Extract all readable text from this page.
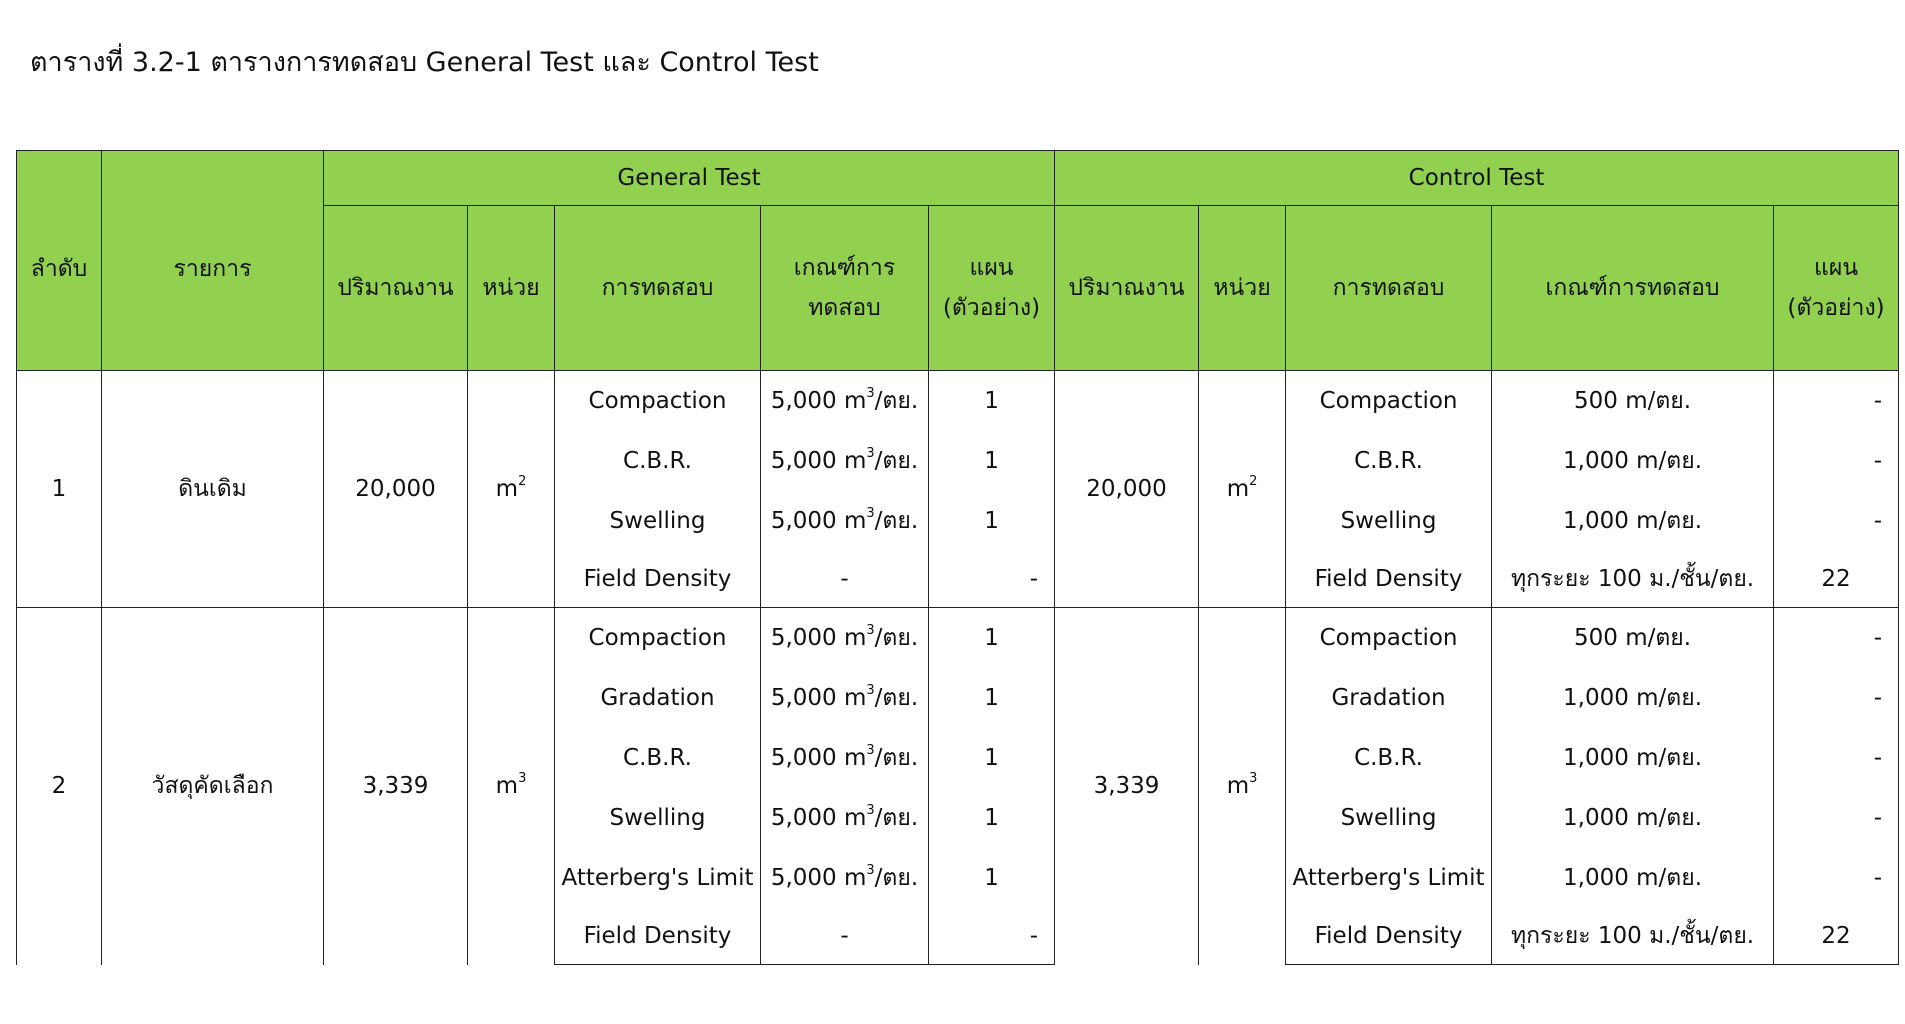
ตารางที่ 3.2-1 ตารางการทดสอบ General Test และ Control Test
ลำดับ	รายการ	General Test					Control Test				
		ปริมาณงาน	หน่วย	การทดสอบ	เกณฑ์การทดสอบ	แผน (ตัวอย่าง)	ปริมาณงาน	หน่วย	การทดสอบ	เกณฑ์การทดสอบ	แผน (ตัวอย่าง)
1	ดินเดิม	20,000	$m^2$	Compaction	5,000 $m^3/$ตย.	1	20,000	$m^2$	Compaction	500 m/ตย.	-
				C.B.R.	5,000 $m^3/$ตย.	1			C.B.R.	1,000 m/ตย.	-
				Swelling	5,000 $m^3/$ตย.	1			Swelling	1,000 m/ตย.	-
				Field Density	-	-			Field Density	ทุกระยะ 100 ม./ชั้น/ตย.	22
2	วัสดุคัดเลือก	3,339	$m^3$	Compaction	5,000 $m^3/$ตย.	1	3,339	$m^3$	Compaction	500 m/ตย.	-
				Gradation	5,000 $m^3/$ตย.	1			Gradation	1,000 m/ตย.	-
				C.B.R.	5,000 $m^3/$ตย.	1			C.B.R.	1,000 m/ตย.	-
				Swelling	5,000 $m^3/$ตย.	1			Swelling	1,000 m/ตย.	-
				Atterberg's Limit	5,000 $m^3/$ตย.	1			Atterberg's Limit	1,000 m/ตย.	-
				Field Density	-	-			Field Density	ทุกระยะ 100 ม./ชั้น/ตย.	22
